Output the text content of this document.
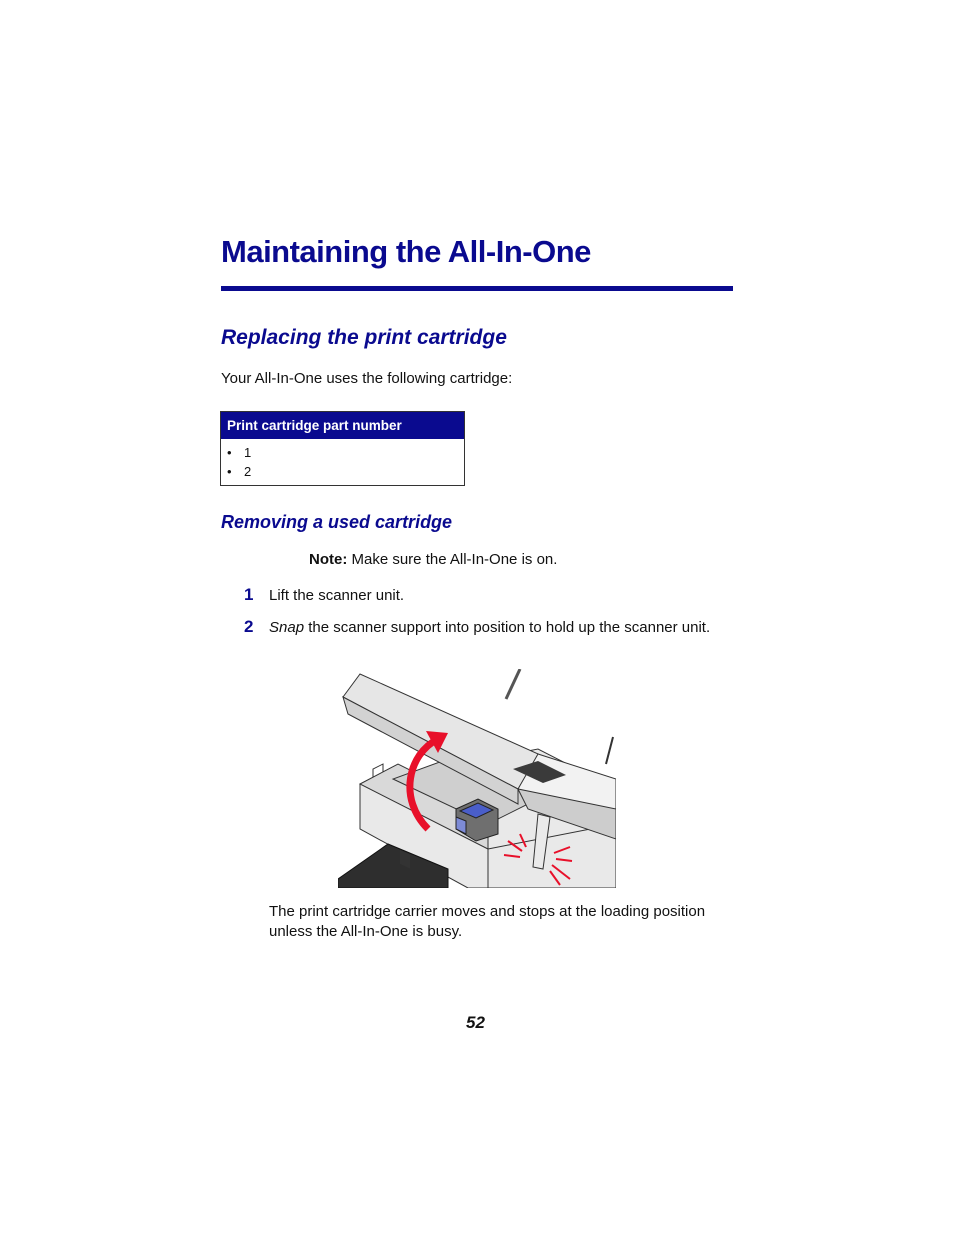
Maintaining the All-In-One
Replacing the print cartridge
Your All-In-One uses the following cartridge:
Print cartridge part number
• 1
• 2
Removing a used cartridge
Note: Make sure the All-In-One is on.
1 Lift the scanner unit.
2 Snap the scanner support into position to hold up the scanner unit.
The print cartridge carrier moves and stops at the loading position unless the All-In-One is busy.
52
